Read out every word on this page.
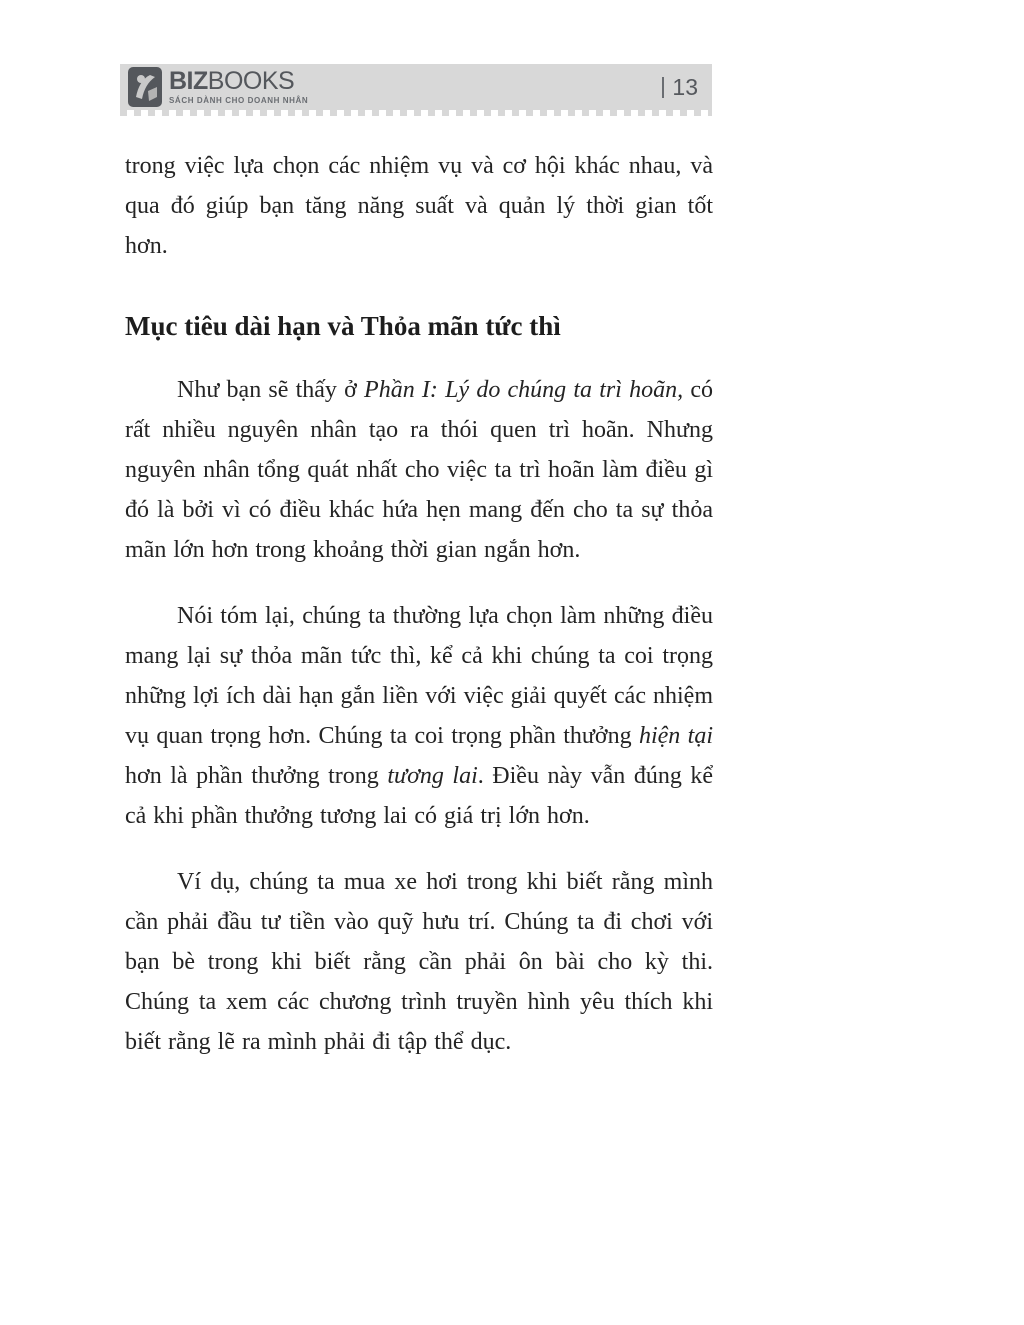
BIZBOOKS
SÁCH DÀNH CHO DOANH NHÂN
13

trong việc lựa chọn các nhiệm vụ và cơ hội khác nhau, và qua đó giúp bạn tăng năng suất và quản lý thời gian tốt hơn.

Mục tiêu dài hạn và Thỏa mãn tức thì

Như bạn sẽ thấy ở Phần I: Lý do chúng ta trì hoãn, có rất nhiều nguyên nhân tạo ra thói quen trì hoãn. Nhưng nguyên nhân tổng quát nhất cho việc ta trì hoãn làm điều gì đó là bởi vì có điều khác hứa hẹn mang đến cho ta sự thỏa mãn lớn hơn trong khoảng thời gian ngắn hơn.

Nói tóm lại, chúng ta thường lựa chọn làm những điều mang lại sự thỏa mãn tức thì, kể cả khi chúng ta coi trọng những lợi ích dài hạn gắn liền với việc giải quyết các nhiệm vụ quan trọng hơn. Chúng ta coi trọng phần thưởng hiện tại hơn là phần thưởng trong tương lai. Điều này vẫn đúng kể cả khi phần thưởng tương lai có giá trị lớn hơn.

Ví dụ, chúng ta mua xe hơi trong khi biết rằng mình cần phải đầu tư tiền vào quỹ hưu trí. Chúng ta đi chơi với bạn bè trong khi biết rằng cần phải ôn bài cho kỳ thi. Chúng ta xem các chương trình truyền hình yêu thích khi biết rằng lẽ ra mình phải đi tập thể dục.
